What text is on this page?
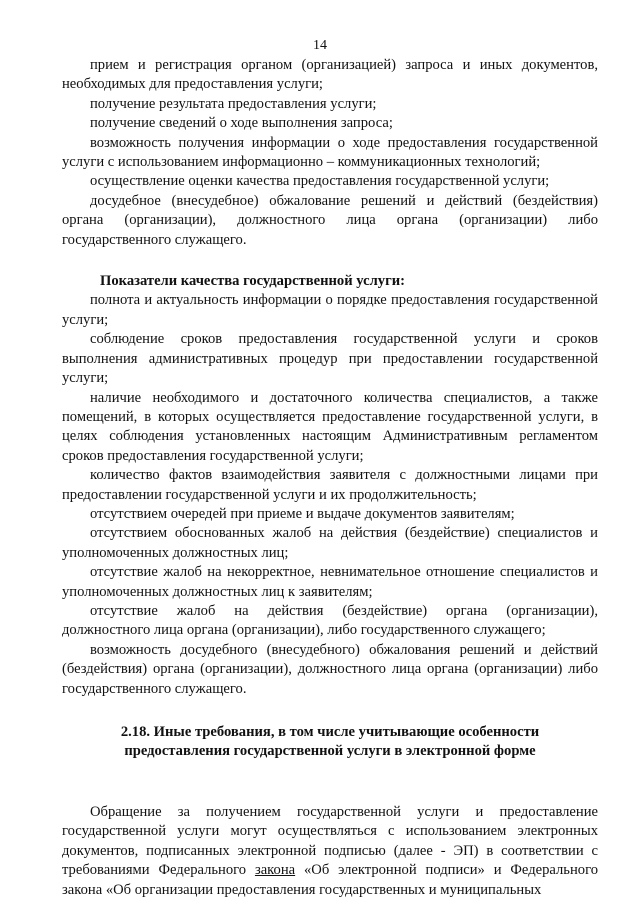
14

прием и регистрация органом (организацией) запроса и иных документов, необходимых для предоставления услуги;

получение результата предоставления услуги;

получение сведений о ходе выполнения запроса;

возможность получения информации о ходе предоставления государственной услуги с использованием информационно – коммуникационных технологий;

осуществление оценки качества предоставления государственной услуги;

досудебное (внесудебное) обжалование решений и действий (бездействия) органа (организации), должностного лица органа (организации) либо государственного служащего.

Показатели качества государственной услуги:

полнота и актуальность информации о порядке предоставления государственной услуги;

соблюдение сроков предоставления государственной услуги и сроков выполнения административных процедур при предоставлении государственной услуги;

наличие необходимого и достаточного количества специалистов, а также помещений, в которых осуществляется предоставление государственной услуги, в целях соблюдения установленных настоящим Административным регламентом сроков предоставления государственной услуги;

количество фактов взаимодействия заявителя с должностными лицами при предоставлении государственной услуги и их продолжительность;

отсутствием очередей при приеме и выдаче документов заявителям;

отсутствием обоснованных жалоб на действия (бездействие) специалистов и уполномоченных должностных лиц;

отсутствие жалоб на некорректное, невнимательное отношение специалистов и уполномоченных должностных лиц к заявителям;

отсутствие жалоб на действия (бездействие) органа (организации), должностного лица органа (организации), либо государственного служащего;

возможность досудебного (внесудебного) обжалования решений и действий (бездействия) органа (организации), должностного лица органа (организации) либо государственного служащего.

2.18. Иные требования, в том числе учитывающие особенности

предоставления государственной услуги в электронной форме

Обращение за получением государственной услуги и предоставление государственной услуги могут осуществляться с использованием электронных документов, подписанных электронной подписью (далее - ЭП) в соответствии с требованиями Федерального закона «Об электронной подписи» и Федерального закона «Об организации предоставления государственных и муниципальных
